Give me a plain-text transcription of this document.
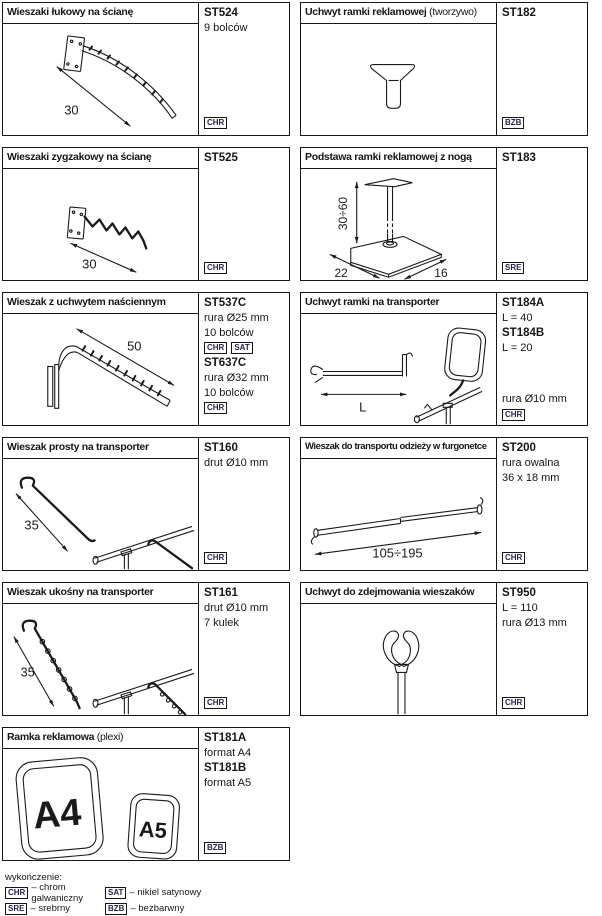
Wieszaki łukowy na ścianę
30
ST524
9 bolców
CHR
Uchwyt ramki reklamowej (tworzywo)	ST182
BZB
Wieszaki zygzakowy na ścianę
30
ST525
CHR
Podstawa ramki reklamowej z nogą
30÷60
22	16
ST183
SRE
Wieszak z uchwytem naściennym
50
ST537C
rura Ø25 mm
10 bolców
CHR	SAT
ST637C
rura Ø32 mm
10 bolców
CHR
Uchwyt ramki na transporter
L
ST184A
L = 40
ST184B
L = 20
rura Ø10 mm
CHR
Wieszak prosty na transporter
35
ST160
drut Ø10 mm
CHR
Wieszak do transportu odzieży w furgonetce
105÷195
ST200
rura owalna
36 x 18 mm
CHR
Wieszak ukośny na transporter
35
ST161
drut Ø10 mm
7 kulek
CHR
Uchwyt do zdejmowania wieszaków	ST950
L = 110
rura Ø13 mm
CHR
Ramka reklamowa (plexi)
A4	A5
ST181A
format A4
ST181B
format A5
BZB
wykończenie:
CHR – chrom galwaniczny
SAT – nikiel satynowy
SRE – srebrny	BZB – bezbarwny
